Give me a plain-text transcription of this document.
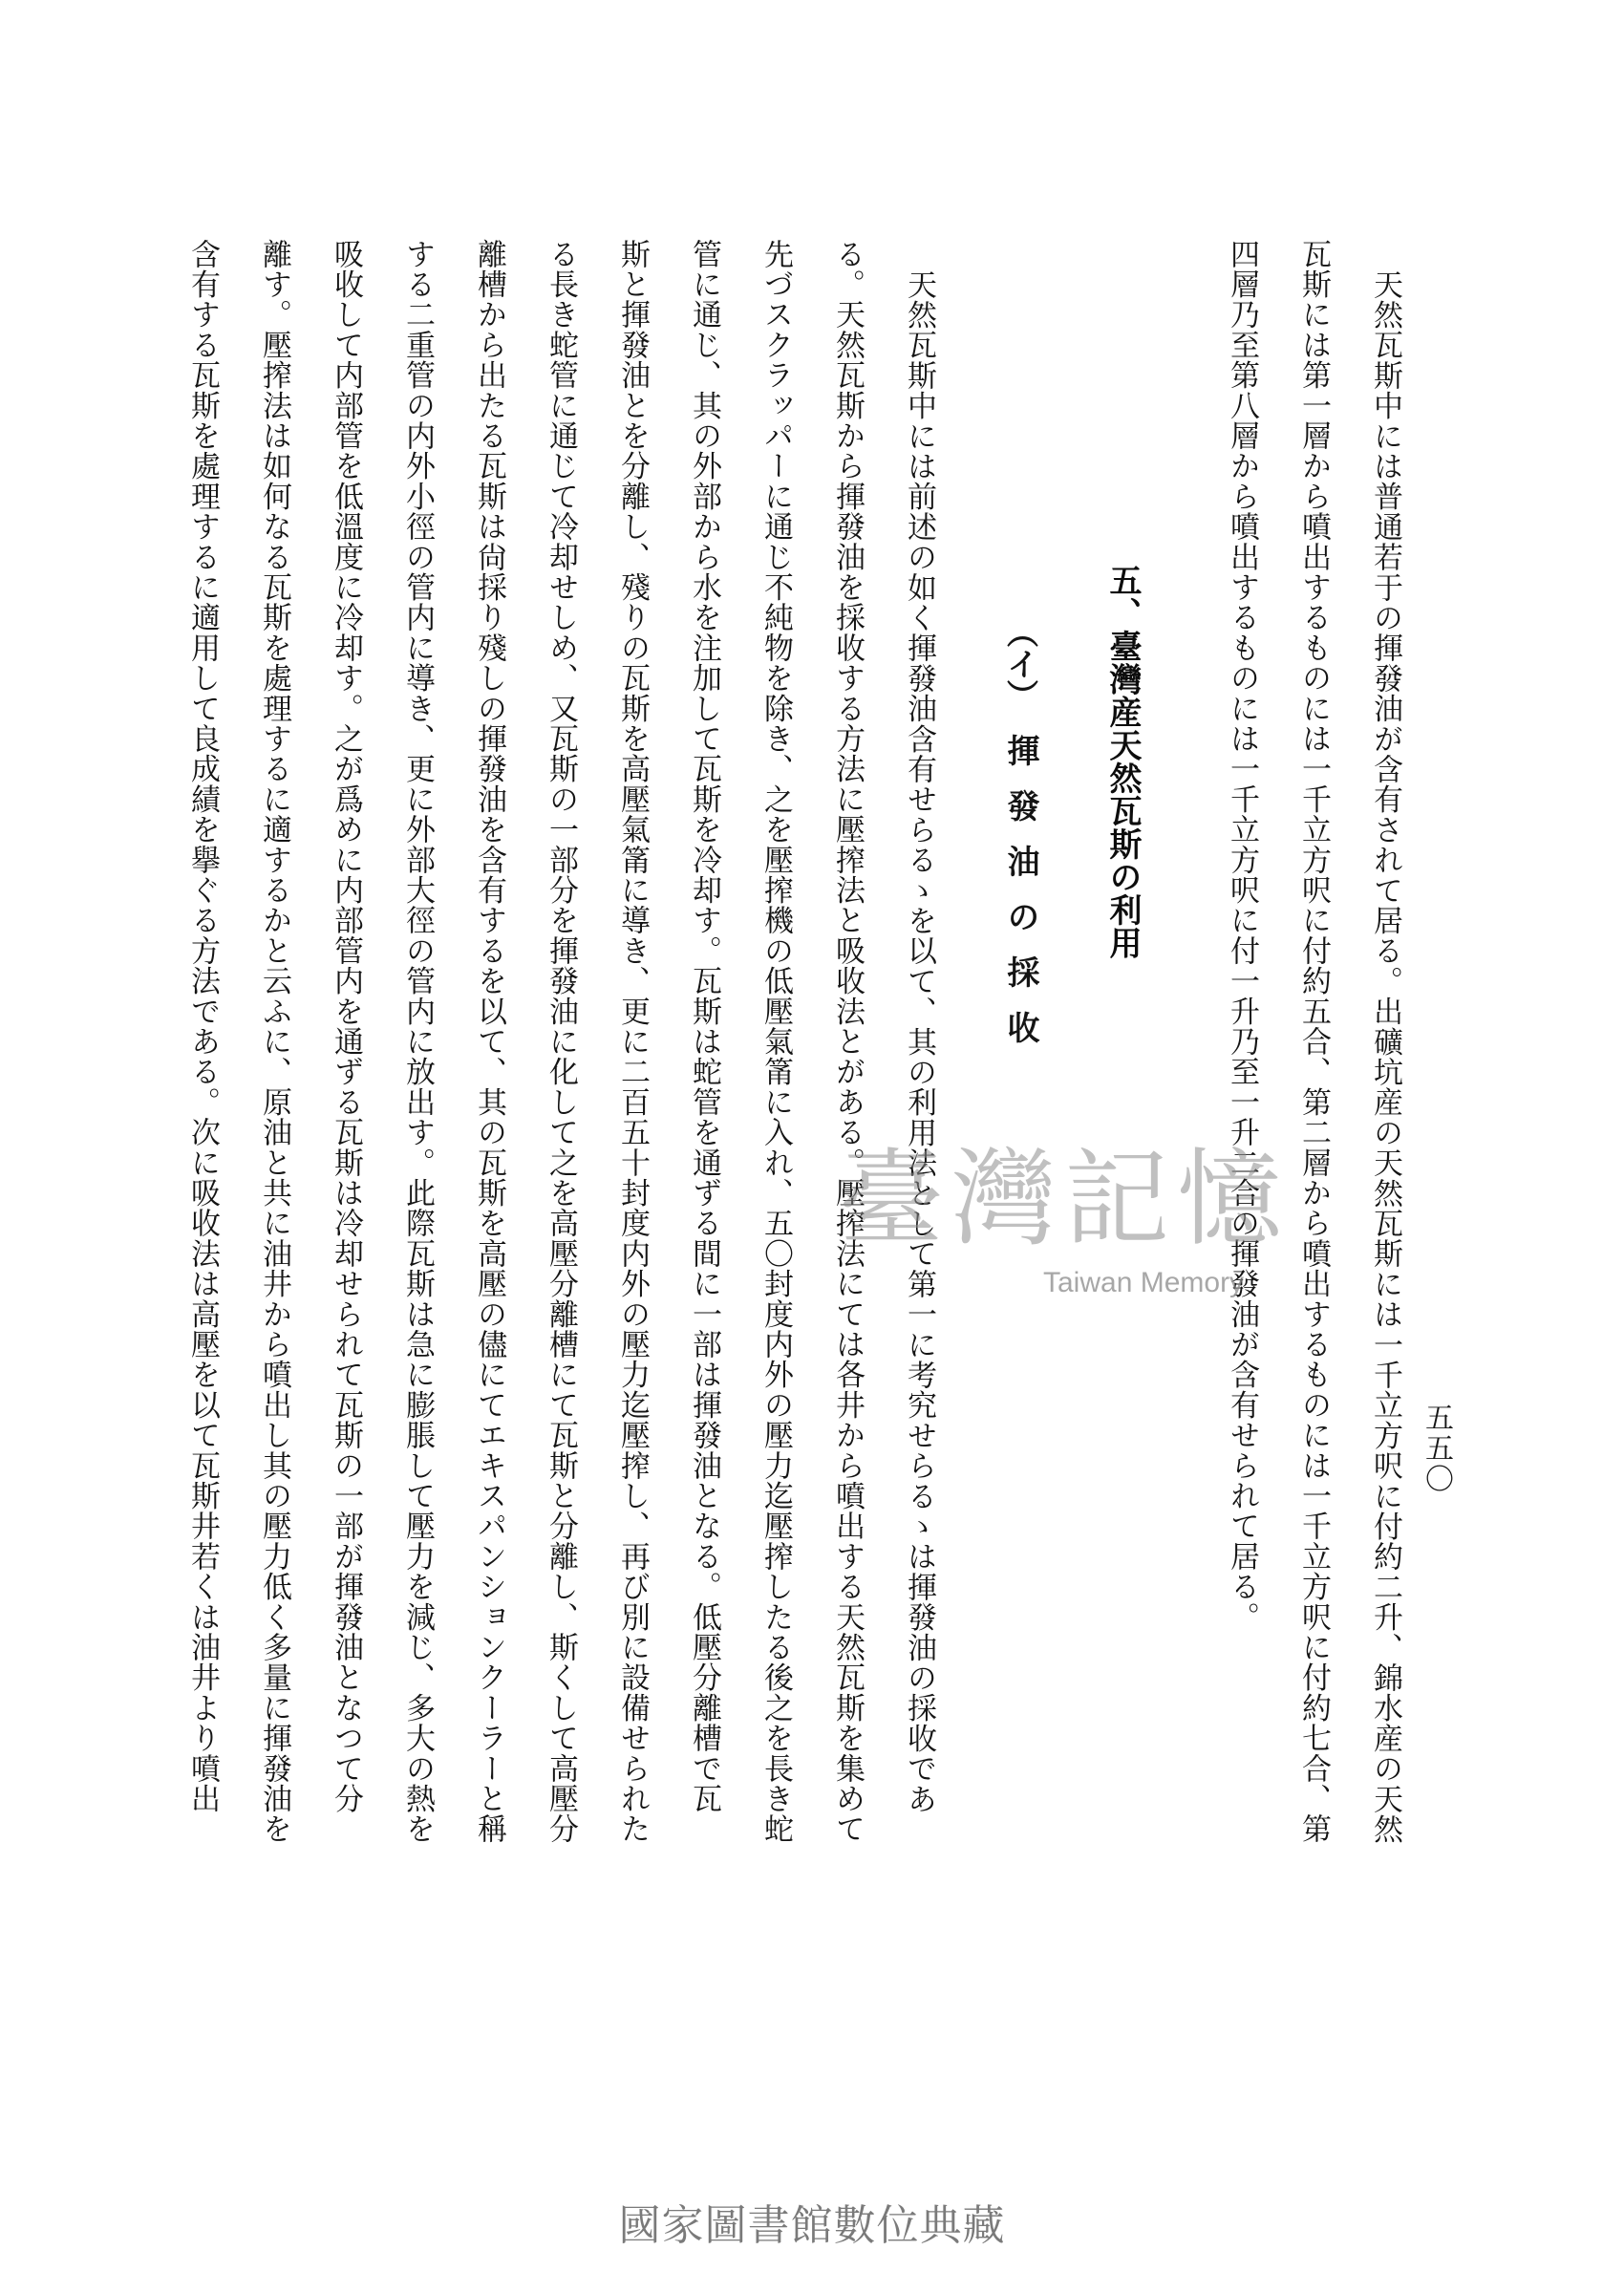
五五〇
天然瓦斯中には普通若于の揮發油が含有されて居る。出礦坑産の天然瓦斯には一千立方呎に付約二升、錦水産の天然
瓦斯には第一層から噴出するものには一千立方呎に付約五合、第二層から噴出するものには一千立方呎に付約七合、第
四層乃至第八層から噴出するものには一千立方呎に付一升乃至一升二合の揮發油が含有せられて居る。
五、臺灣産天然瓦斯の利用
（イ）
揮發油の採收
天然瓦斯中には前述の如く揮發油含有せらるゝを以て、其の利用法として第一に考究せらるゝは揮發油の採收であ
る。天然瓦斯から揮發油を採收する方法に壓搾法と吸收法とがある。壓搾法にては各井から噴出する天然瓦斯を集めて
先づスクラッパーに通じ不純物を除き、之を壓搾機の低壓氣筩に入れ、五〇封度内外の壓力迄壓搾したる後之を長き蛇
管に通じ、其の外部から水を注加して瓦斯を冷却す。瓦斯は蛇管を通ずる間に一部は揮發油となる。低壓分離槽で瓦
斯と揮發油とを分離し、殘りの瓦斯を高壓氣筩に導き、更に二百五十封度内外の壓力迄壓搾し、再び別に設備せられた
る長き蛇管に通じて冷却せしめ、又瓦斯の一部分を揮發油に化して之を高壓分離槽にて瓦斯と分離し、斯くして高壓分
離槽から出たる瓦斯は尙採り殘しの揮發油を含有するを以て、其の瓦斯を高壓の儘にてエキスパンションクーラーと稱
する二重管の内外小徑の管内に導き、更に外部大徑の管内に放出す。此際瓦斯は急に膨脹して壓力を減じ、多大の熱を
吸收して内部管を低溫度に冷却す。之が爲めに内部管内を通ずる瓦斯は冷却せられて瓦斯の一部が揮發油となつて分
離す。壓搾法は如何なる瓦斯を處理するに適するかと云ふに、原油と共に油井から噴出し其の壓力低く多量に揮發油を
含有する瓦斯を處理するに適用して良成績を擧ぐる方法である。次に吸收法は高壓を以て瓦斯井若くは油井より噴出	臺灣記憶
Taiwan Memory
國家圖書館數位典藏
